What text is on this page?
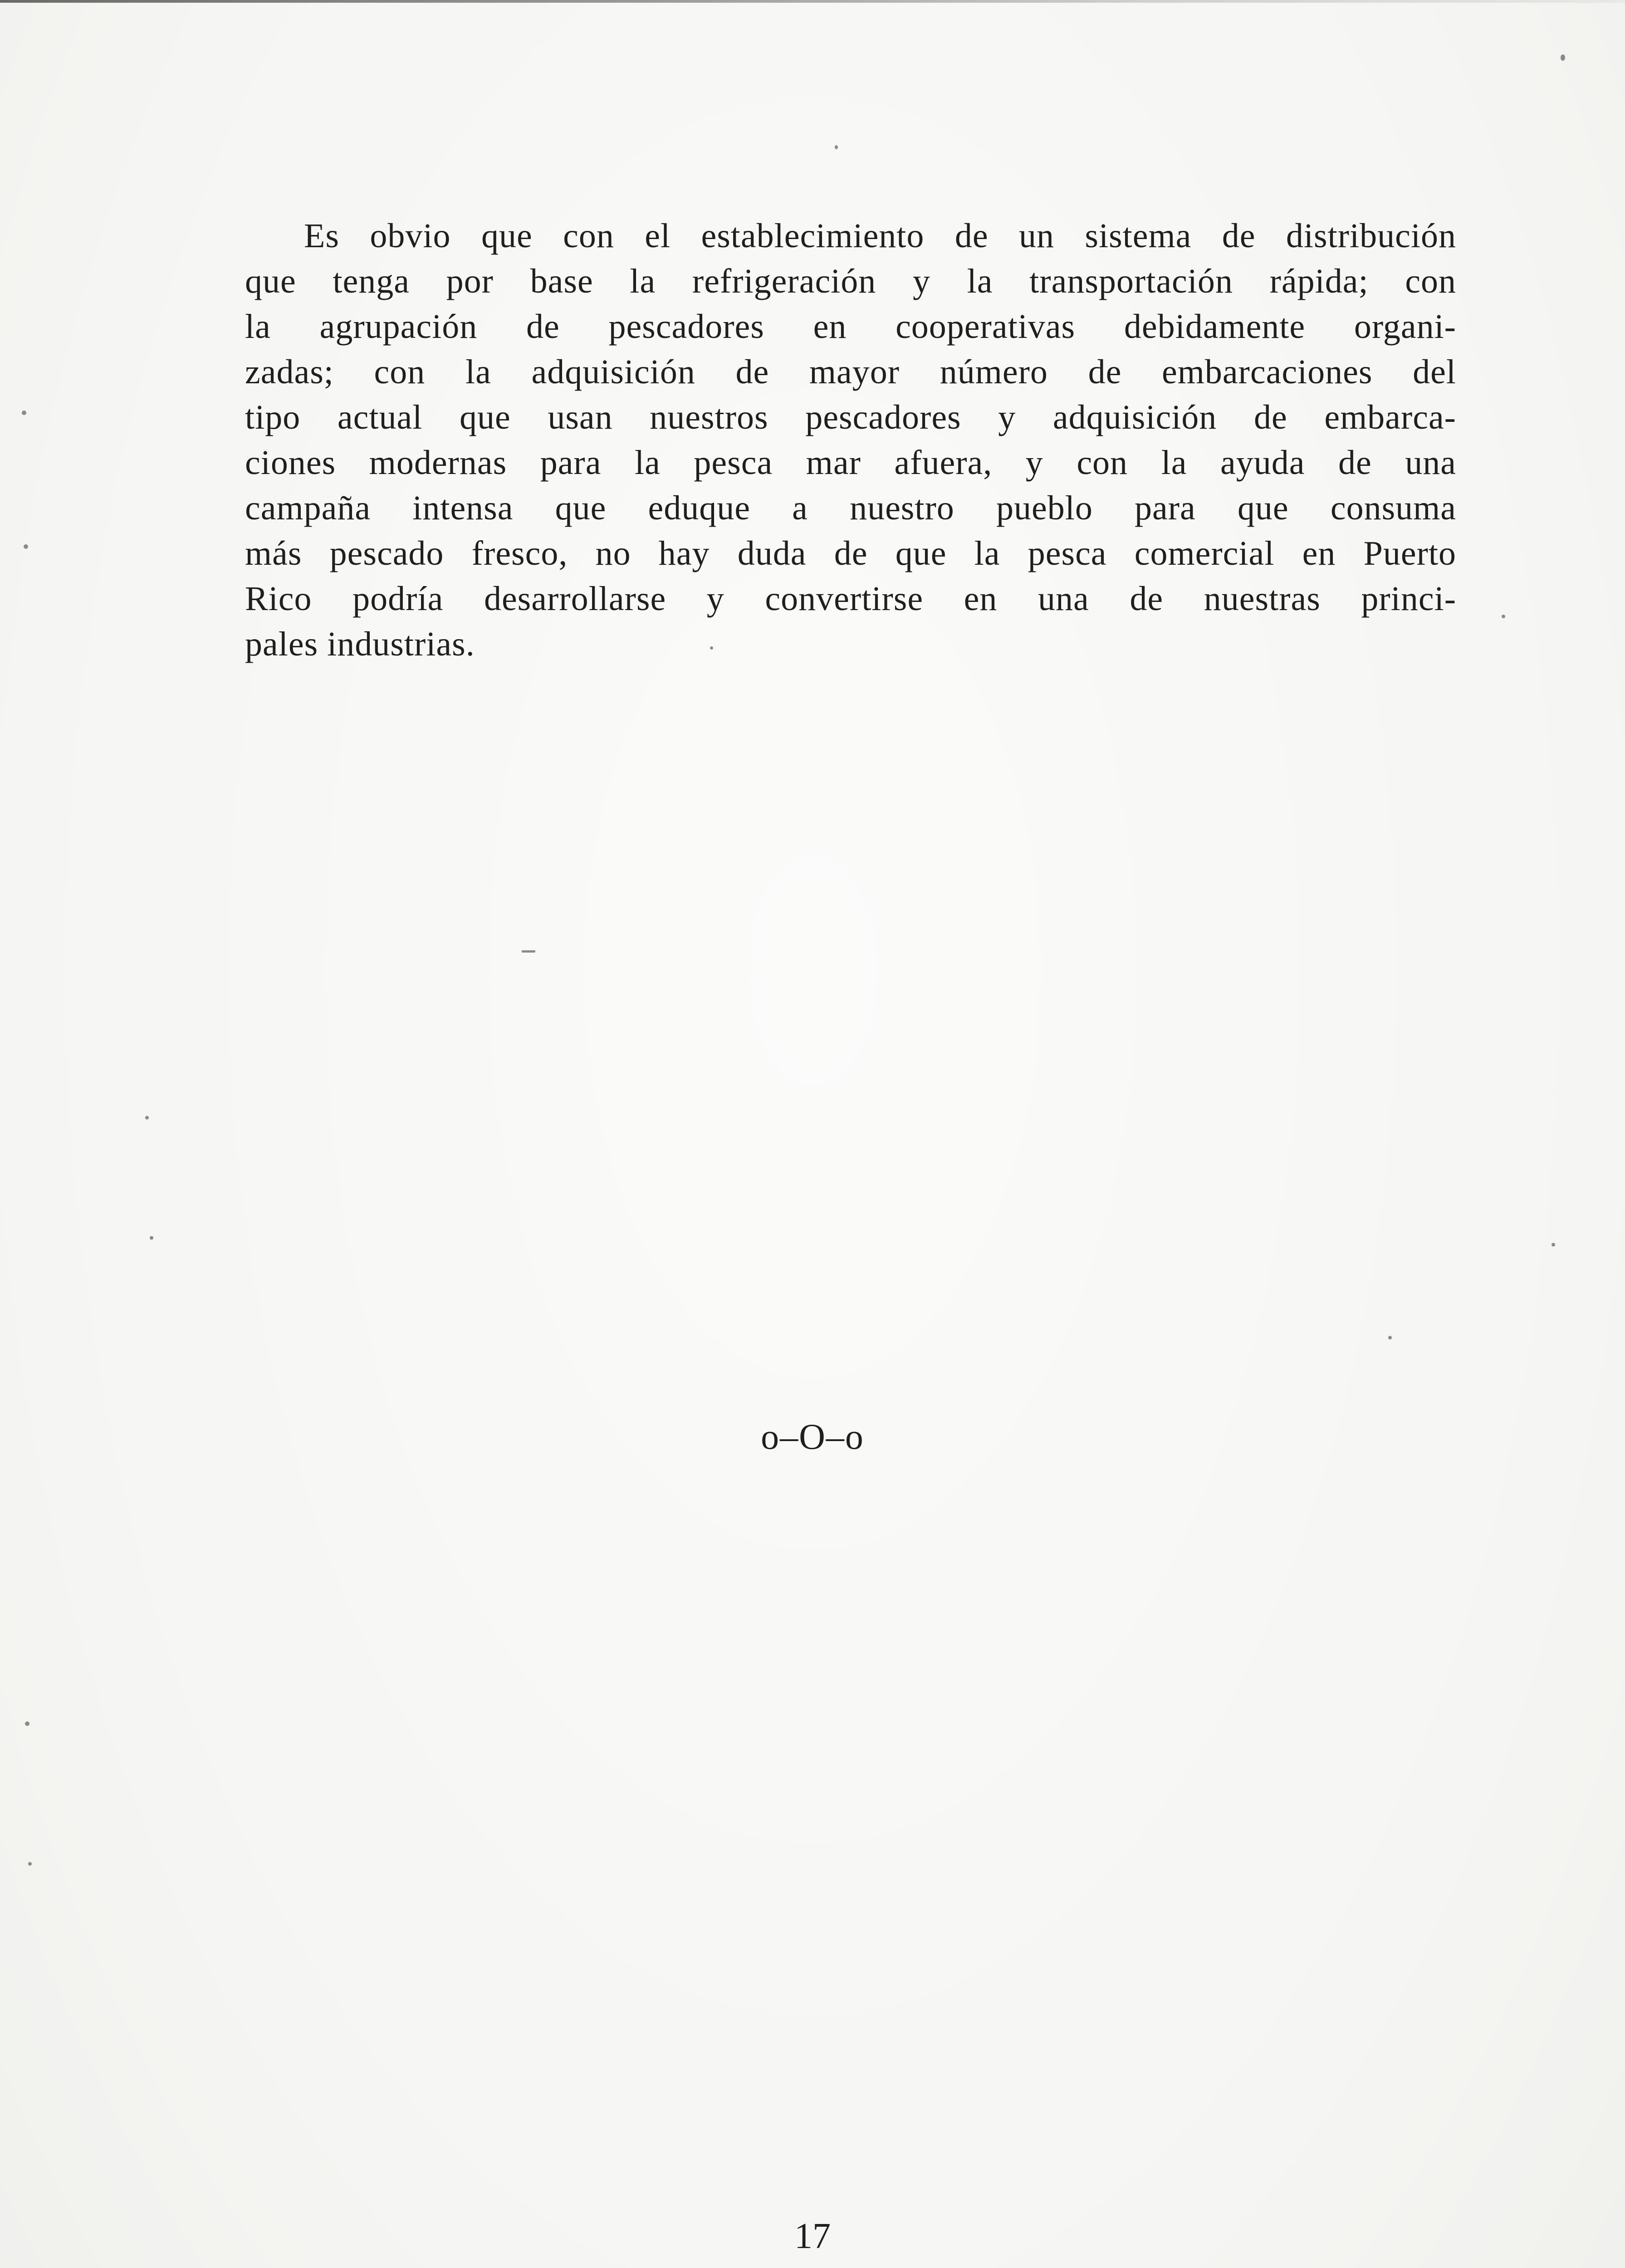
Es obvio que con el establecimiento de un sistema de distribución
que tenga por base la refrigeración y la transportación rápida; con
la agrupación de pescadores en cooperativas debidamente organi-
zadas; con la adquisición de mayor número de embarcaciones del
tipo actual que usan nuestros pescadores y adquisición de embarca-
ciones modernas para la pesca mar afuera, y con la ayuda de una
campaña intensa que eduque a nuestro pueblo para que consuma
más pescado fresco, no hay duda de que la pesca comercial en Puerto
Rico podría desarrollarse y convertirse en una de nuestras princi-
pales industrias.
o–O–o
17
